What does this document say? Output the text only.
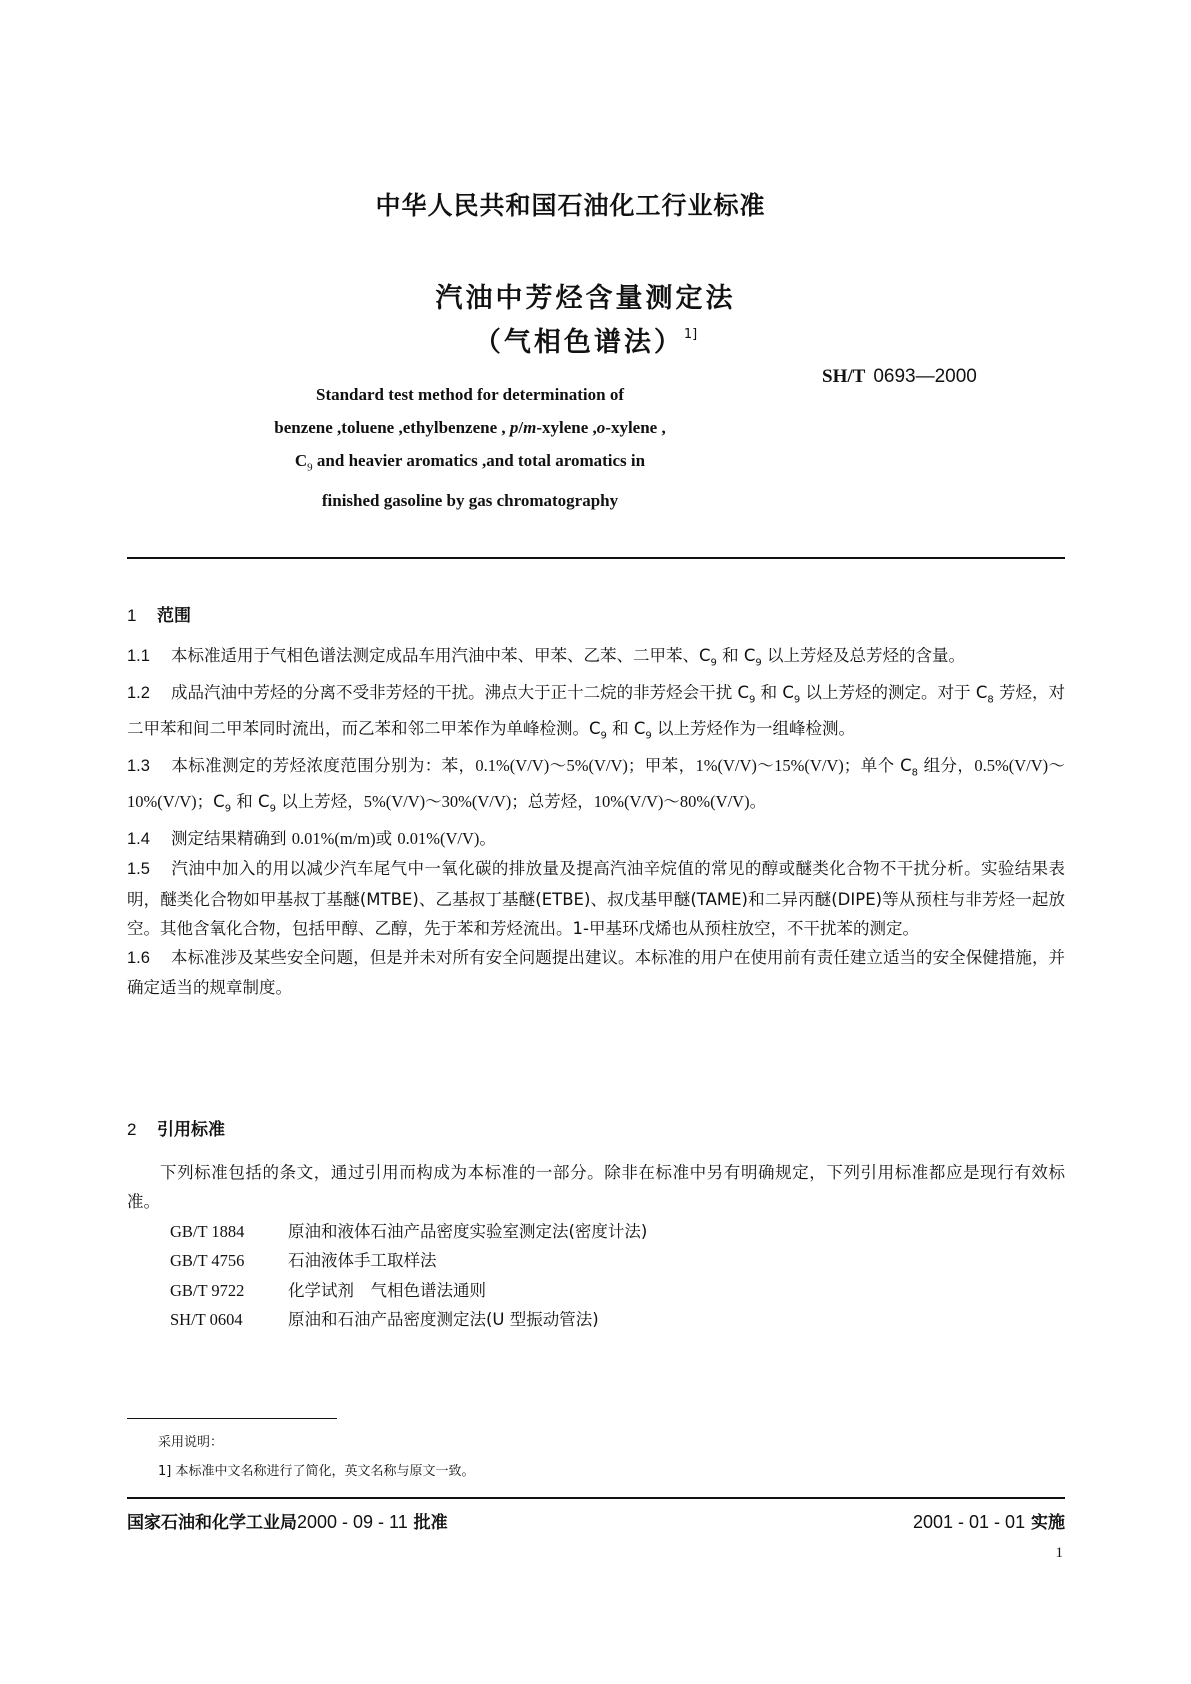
中华人民共和国石油化工行业标准
汽油中芳烃含量测定法
（气相色谱法）$^{1]}$
SH/T 0693—2000
Standard test method for determination of
benzene ,toluene ,ethylbenzene , p/m-xylene ,o-xylene ,
$C_9$ and heavier aromatics ,and total aromatics in
finished gasoline by gas chromatography
1 范围

1.1 本标准适用于气相色谱法测定成品车用汽油中苯、甲苯、乙苯、二甲苯、$C_9$ 和 $C_9$ 以上芳烃及总芳烃的含量。

1.2 成品汽油中芳烃的分离不受非芳烃的干扰。沸点大于正十二烷的非芳烃会干扰 $C_9$ 和 $C_9$ 以上芳烃的测定。对于 $C_8$ 芳烃，对二甲苯和间二甲苯同时流出，而乙苯和邻二甲苯作为单峰检测。$C_9$ 和 $C_9$ 以上芳烃作为一组峰检测。

1.3 本标准测定的芳烃浓度范围分别为：苯，0.1%(V/V)～5%(V/V)；甲苯，1%(V/V)～15%(V/V)；单个 $C_8$ 组分，0.5%(V/V)～10%(V/V)；$C_9$ 和 $C_9$ 以上芳烃，5%(V/V)～30%(V/V)；总芳烃，10%(V/V)～80%(V/V)。

1.4 测定结果精确到 0.01%(m/m)或 0.01%(V/V)。

1.5 汽油中加入的用以减少汽车尾气中一氧化碳的排放量及提高汽油辛烷值的常见的醇或醚类化合物不干扰分析。实验结果表明，醚类化合物如甲基叔丁基醚(MTBE)、乙基叔丁基醚(ETBE)、叔戊基甲醚(TAME)和二异丙醚(DIPE)等从预柱与非芳烃一起放空。其他含氧化合物，包括甲醇、乙醇，先于苯和芳烃流出。1-甲基环戊烯也从预柱放空，不干扰苯的测定。

1.6 本标准涉及某些安全问题，但是并未对所有安全问题提出建议。本标准的用户在使用前有责任建立适当的安全保健措施，并确定适当的规章制度。

2 引用标准

下列标准包括的条文，通过引用而构成为本标准的一部分。除非在标准中另有明确规定，下列引用标准都应是现行有效标准。

GB/T 1884	原油和液体石油产品密度实验室测定法(密度计法)
GB/T 4756	石油液体手工取样法
GB/T 9722	化学试剂　气相色谱法通则
SH/T 0604	原油和石油产品密度测定法(U 型振动管法)
采用说明：
1] 本标准中文名称进行了简化，英文名称与原文一致。
国家石油和化学工业局2000 - 09 - 11 批准	2001 - 01 - 01 实施
1
